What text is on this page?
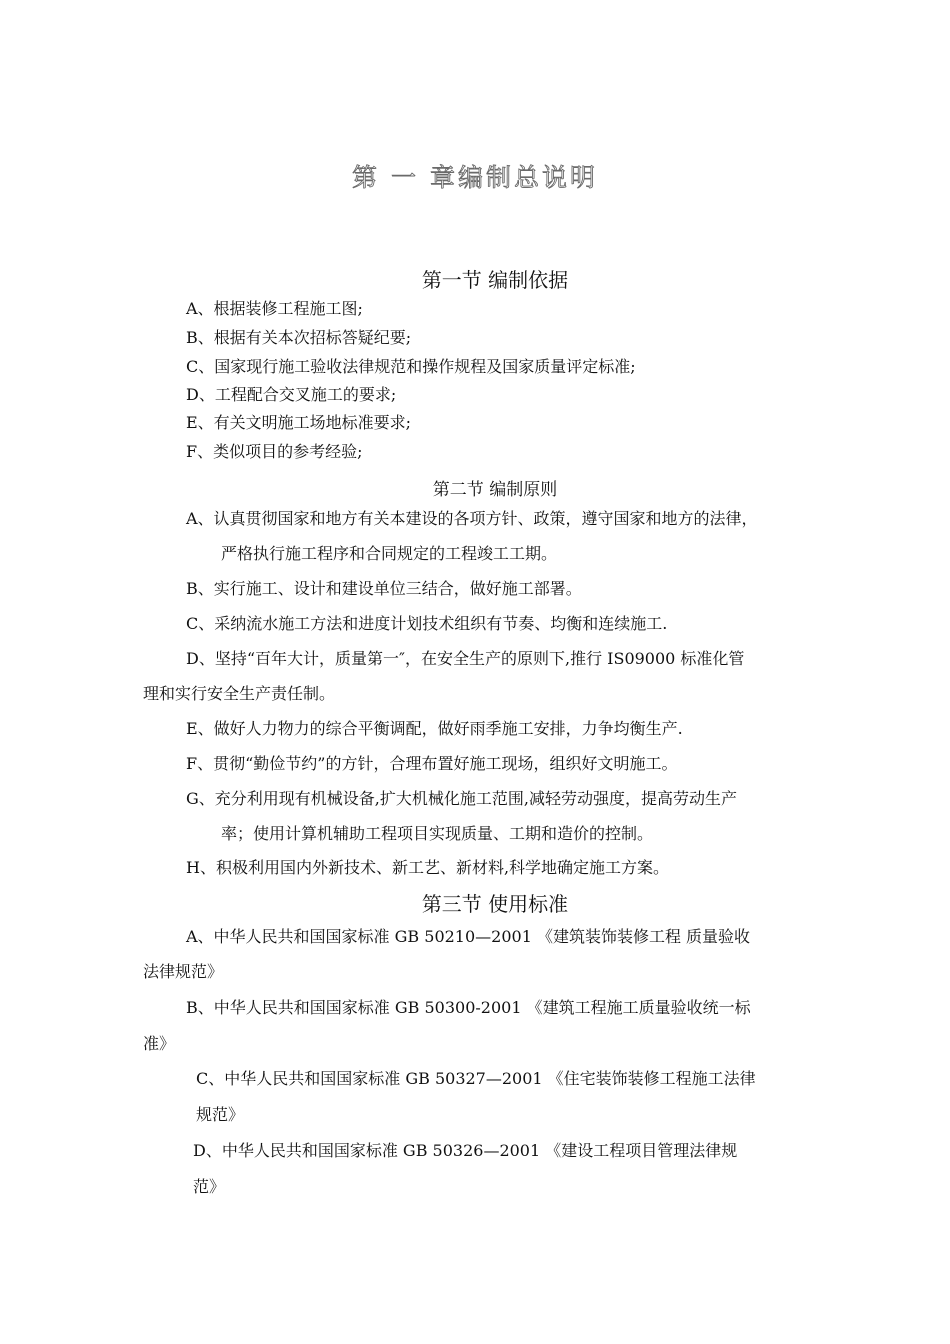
第 一 章编制总说明
第一节 编制依据
A、根据装修工程施工图;
B、根据有关本次招标答疑纪要;
C、国家现行施工验收法律规范和操作规程及国家质量评定标准;
D、工程配合交叉施工的要求;
E、有关文明施工场地标准要求;
F、类似项目的参考经验;
第二节 编制原则
A、认真贯彻国家和地方有关本建设的各项方针、政策，遵守国家和地方的法律，
严格执行施工程序和合同规定的工程竣工工期。
B、实行施工、设计和建设单位三结合，做好施工部署。
C、采纳流水施工方法和进度计划技术组织有节奏、均衡和连续施工.
D、坚持“百年大计，质量第一″，在安全生产的原则下,推行 IS09000 标准化管
理和实行安全生产责任制。
E、做好人力物力的综合平衡调配，做好雨季施工安排，力争均衡生产.
F、贯彻“勤俭节约”的方针，合理布置好施工现场，组织好文明施工。
G、充分利用现有机械设备,扩大机械化施工范围,减轻劳动强度，提高劳动生产
率；使用计算机辅助工程项目实现质量、工期和造价的控制。
H、积极利用国内外新技术、新工艺、新材料,科学地确定施工方案。
第三节 使用标准
A、中华人民共和国国家标准 GB 50210—2001 《建筑装饰装修工程 质量验收
法律规范》
B、中华人民共和国国家标准 GB 50300-2001 《建筑工程施工质量验收统一标
准》
C、中华人民共和国国家标准 GB 50327—2001 《住宅装饰装修工程施工法律
规范》
D、中华人民共和国国家标准 GB 50326—2001 《建设工程项目管理法律规
范》
